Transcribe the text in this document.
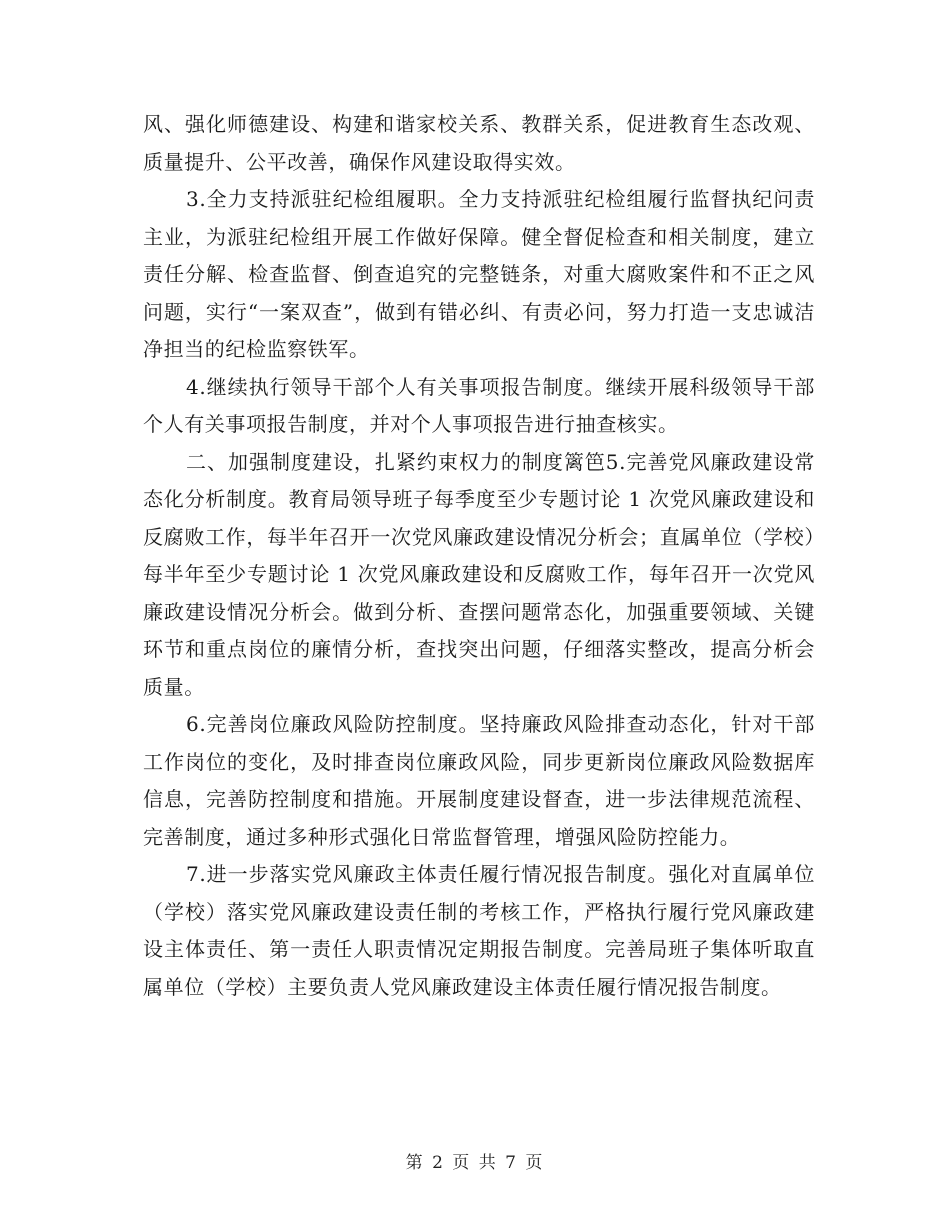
风、强化师德建设、构建和谐家校关系、教群关系，促进教育生态改观、质量提升、公平改善，确保作风建设取得实效。

3.全力支持派驻纪检组履职。全力支持派驻纪检组履行监督执纪问责主业，为派驻纪检组开展工作做好保障。健全督促检查和相关制度，建立责任分解、检查监督、倒查追究的完整链条，对重大腐败案件和不正之风问题，实行“一案双查”，做到有错必纠、有责必问，努力打造一支忠诚洁净担当的纪检监察铁军。

4.继续执行领导干部个人有关事项报告制度。继续开展科级领导干部个人有关事项报告制度，并对个人事项报告进行抽查核实。

二、加强制度建设，扎紧约束权力的制度篱笆5.完善党风廉政建设常态化分析制度。教育局领导班子每季度至少专题讨论 1 次党风廉政建设和反腐败工作，每半年召开一次党风廉政建设情况分析会；直属单位（学校）每半年至少专题讨论 1 次党风廉政建设和反腐败工作，每年召开一次党风廉政建设情况分析会。做到分析、查摆问题常态化，加强重要领域、关键环节和重点岗位的廉情分析，查找突出问题，仔细落实整改，提高分析会质量。

6.完善岗位廉政风险防控制度。坚持廉政风险排查动态化，针对干部工作岗位的变化，及时排查岗位廉政风险，同步更新岗位廉政风险数据库信息，完善防控制度和措施。开展制度建设督查，进一步法律规范流程、完善制度，通过多种形式强化日常监督管理，增强风险防控能力。

7.进一步落实党风廉政主体责任履行情况报告制度。强化对直属单位（学校）落实党风廉政建设责任制的考核工作，严格执行履行党风廉政建设主体责任、第一责任人职责情况定期报告制度。完善局班子集体听取直属单位（学校）主要负责人党风廉政建设主体责任履行情况报告制度。

第 2 页 共 7 页
